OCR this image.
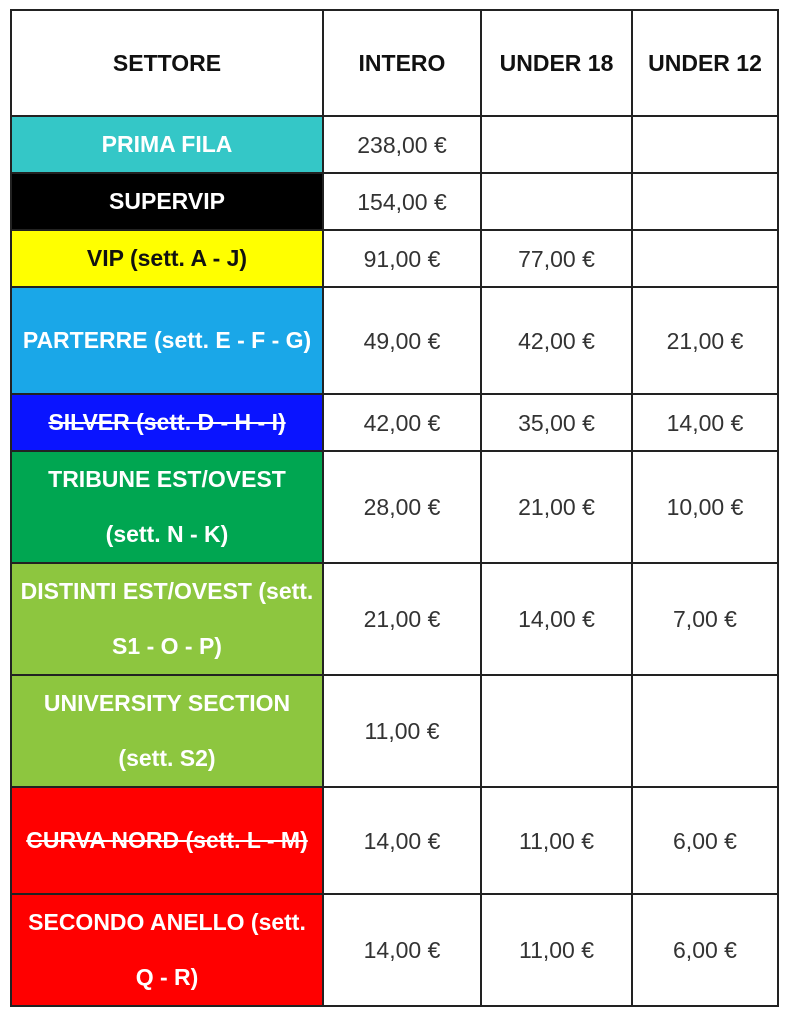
SETTORE	INTERO	UNDER 18	UNDER 12
PRIMA FILA	238,00 €		
SUPERVIP	154,00 €		
VIP (sett. A - J)	91,00 €	77,00 €	
PARTERRE (sett. E - F - G)	49,00 €	42,00 €	21,00 €
SILVER (sett. D - H - I)	42,00 €	35,00 €	14,00 €
TRIBUNE EST/OVEST (sett. N - K)	28,00 €	21,00 €	10,00 €
DISTINTI EST/OVEST (sett. S1 - O - P)	21,00 €	14,00 €	7,00 €
UNIVERSITY SECTION (sett. S2)	11,00 €		
CURVA NORD (sett. L - M)	14,00 €	11,00 €	6,00 €
SECONDO ANELLO (sett. Q - R)	14,00 €	11,00 €	6,00 €
